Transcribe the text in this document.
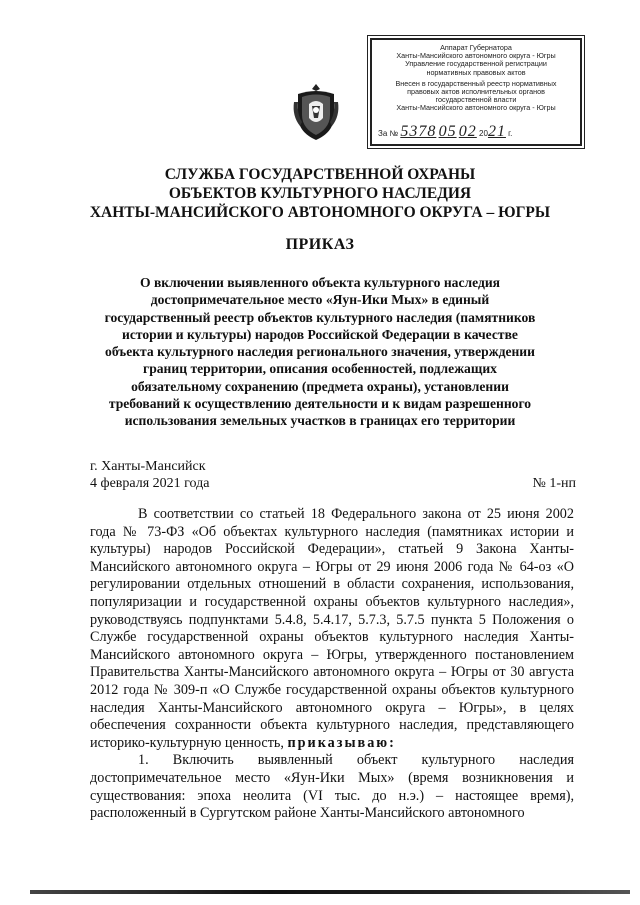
Аппарат Губернатора
Ханты-Мансийского автономного округа - Югры
Управление государственной регистрации
нормативных правовых актов
Внесен в государственный реестр нормативных
правовых актов исполнительных органов
государственной власти
Ханты-Мансийского автономного округа - Югры
За № 5378 05 02 2021 г.
СЛУЖБА ГОСУДАРСТВЕННОЙ ОХРАНЫ
ОБЪЕКТОВ КУЛЬТУРНОГО НАСЛЕДИЯ
ХАНТЫ-МАНСИЙСКОГО АВТОНОМНОГО ОКРУГА – ЮГРЫ
ПРИКАЗ
О включении выявленного объекта культурного наследия
достопримечательное место «Яун-Ики Мых» в единый
государственный реестр объектов культурного наследия (памятников
истории и культуры) народов Российской Федерации в качестве
объекта культурного наследия регионального значения, утверждении
границ территории, описания особенностей, подлежащих
обязательному сохранению (предмета охраны), установлении
требований к осуществлению деятельности и к видам разрешенного
использования земельных участков в границах его территории
г. Ханты-Мансийск
4 февраля 2021 года	№ 1-нп

В соответствии со статьей 18 Федерального закона от 25 июня 2002 года № 73-ФЗ «Об объектах культурного наследия (памятниках истории и культуры) народов Российской Федерации», статьей 9 Закона Ханты-Мансийского автономного округа – Югры от 29 июня 2006 года № 64-оз «О регулировании отдельных отношений в области сохранения, использования, популяризации и государственной охраны объектов культурного наследия», руководствуясь подпунктами 5.4.8, 5.4.17, 5.7.3, 5.7.5 пункта 5 Положения о Службе государственной охраны объектов культурного наследия Ханты-Мансийского автономного округа – Югры, утвержденного постановлением Правительства Ханты-Мансийского автономного округа – Югры от 30 августа 2012 года № 309-п «О Службе государственной охраны объектов культурного наследия Ханты-Мансийского автономного округа – Югры», в целях обеспечения сохранности объекта культурного наследия, представляющего историко-культурную ценность, приказываю:

1. Включить выявленный объект культурного наследия достопримечательное место «Яун-Ики Мых» (время возникновения и существования: эпоха неолита (VI тыс. до н.э.) – настоящее время), расположенный в Сургутском районе Ханты-Мансийского автономного
